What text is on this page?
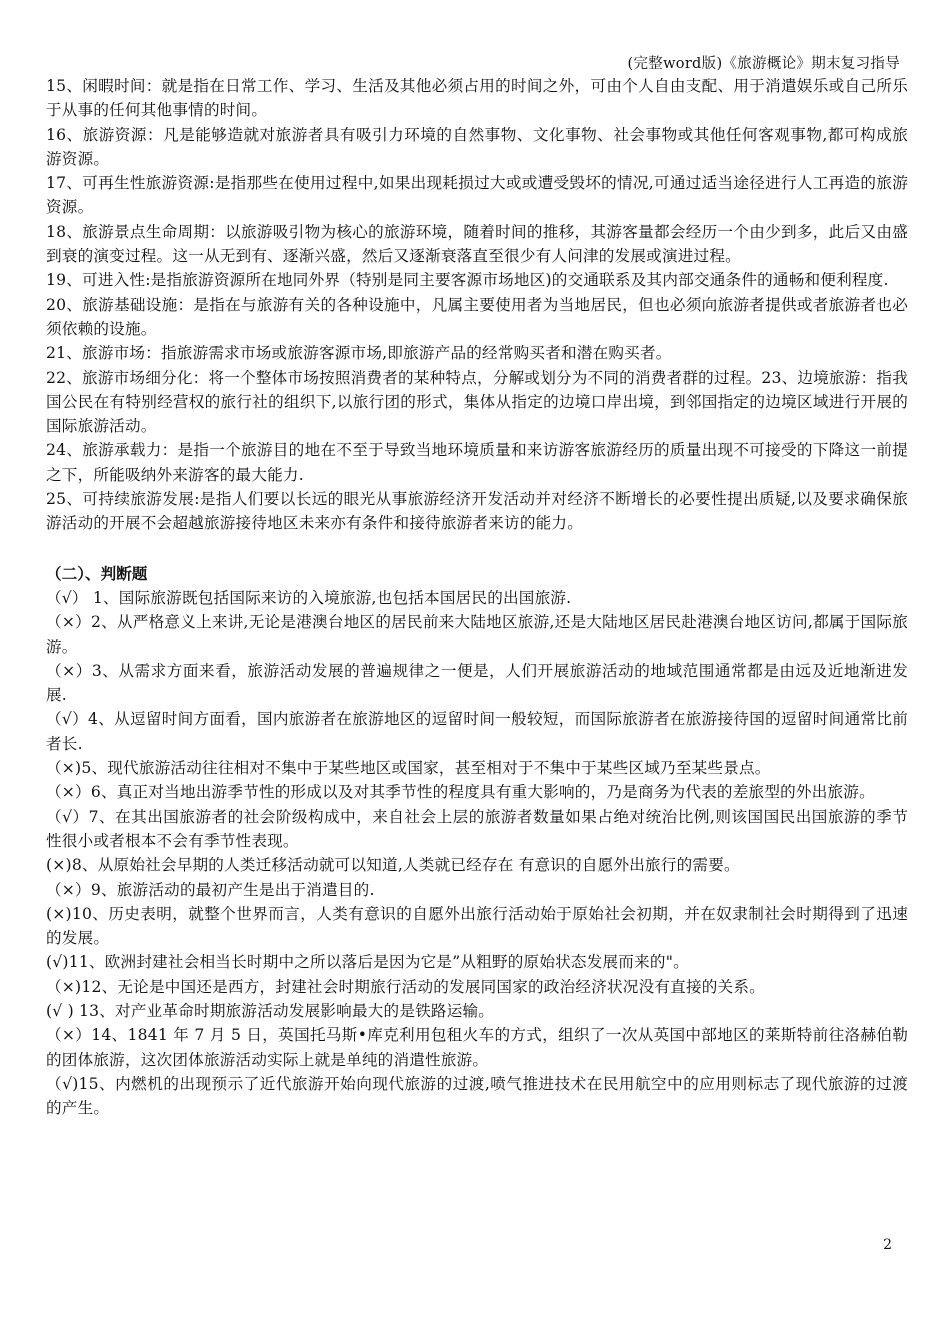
(完整word版)《旅游概论》期末复习指导

15、闲暇时间：就是指在日常工作、学习、生活及其他必须占用的时间之外，可由个人自由支配、用于消遣娱乐或自己所乐于从事的任何其他事情的时间。

16、旅游资源：凡是能够造就对旅游者具有吸引力环境的自然事物、文化事物、社会事物或其他任何客观事物,都可构成旅游资源。

17、可再生性旅游资源:是指那些在使用过程中,如果出现耗损过大或或遭受毁坏的情况,可通过适当途径进行人工再造的旅游资源。

18、旅游景点生命周期：以旅游吸引物为核心的旅游环境，随着时间的推移，其游客量都会经历一个由少到多，此后又由盛到衰的演变过程。这一从无到有、逐渐兴盛，然后又逐渐衰落直至很少有人问津的发展或演进过程。

19、可进入性:是指旅游资源所在地同外界（特别是同主要客源市场地区)的交通联系及其内部交通条件的通畅和便利程度.

20、旅游基础设施：是指在与旅游有关的各种设施中，凡属主要使用者为当地居民，但也必须向旅游者提供或者旅游者也必须依赖的设施。

21、旅游市场：指旅游需求市场或旅游客源市场,即旅游产品的经常购买者和潜在购买者。

22、旅游市场细分化：将一个整体市场按照消费者的某种特点，分解或划分为不同的消费者群的过程。23、边境旅游：指我国公民在有特别经营权的旅行社的组织下,以旅行团的形式，集体从指定的边境口岸出境，到邻国指定的边境区域进行开展的国际旅游活动。

24、旅游承载力：是指一个旅游目的地在不至于导致当地环境质量和来访游客旅游经历的质量出现不可接受的下降这一前提之下，所能吸纳外来游客的最大能力.

25、可持续旅游发展:是指人们要以长远的眼光从事旅游经济开发活动并对经济不断增长的必要性提出质疑,以及要求确保旅游活动的开展不会超越旅游接待地区未来亦有条件和接待旅游者来访的能力。

（二）、判断题

（√） 1、国际旅游既包括国际来访的入境旅游,也包括本国居民的出国旅游.

（×）2、从严格意义上来讲,无论是港澳台地区的居民前来大陆地区旅游,还是大陆地区居民赴港澳台地区访问,都属于国际旅游。

（×）3、从需求方面来看，旅游活动发展的普遍规律之一便是，人们开展旅游活动的地域范围通常都是由远及近地渐进发展.

（√）4、从逗留时间方面看，国内旅游者在旅游地区的逗留时间一般较短，而国际旅游者在旅游接待国的逗留时间通常比前者长.

（×)5、现代旅游活动往往相对不集中于某些地区或国家，甚至相对于不集中于某些区域乃至某些景点。

（×）6、真正对当地出游季节性的形成以及对其季节性的程度具有重大影响的，乃是商务为代表的差旅型的外出旅游。

（√）7、在其出国旅游者的社会阶级构成中，来自社会上层的旅游者数量如果占绝对统治比例,则该国国民出国旅游的季节性很小或者根本不会有季节性表现。

(×)8、从原始社会早期的人类迁移活动就可以知道,人类就已经存在 有意识的自愿外出旅行的需要。

（×）9、旅游活动的最初产生是出于消遣目的.

(×)10、历史表明，就整个世界而言，人类有意识的自愿外出旅行活动始于原始社会初期，并在奴隶制社会时期得到了迅速的发展。

(√)11、欧洲封建社会相当长时期中之所以落后是因为它是”从粗野的原始状态发展而来的"。

（×)12、无论是中国还是西方，封建社会时期旅行活动的发展同国家的政治经济状况没有直接的关系。

(√ ) 13、对产业革命时期旅游活动发展影响最大的是铁路运输。

（×）14、1841 年 7 月 5 日，英国托马斯•库克利用包租火车的方式，组织了一次从英国中部地区的莱斯特前往洛赫伯勒的团体旅游，这次团体旅游活动实际上就是单纯的消遣性旅游。

（√)15、内燃机的出现预示了近代旅游开始向现代旅游的过渡,喷气推进技术在民用航空中的应用则标志了现代旅游的过渡的产生。

2
